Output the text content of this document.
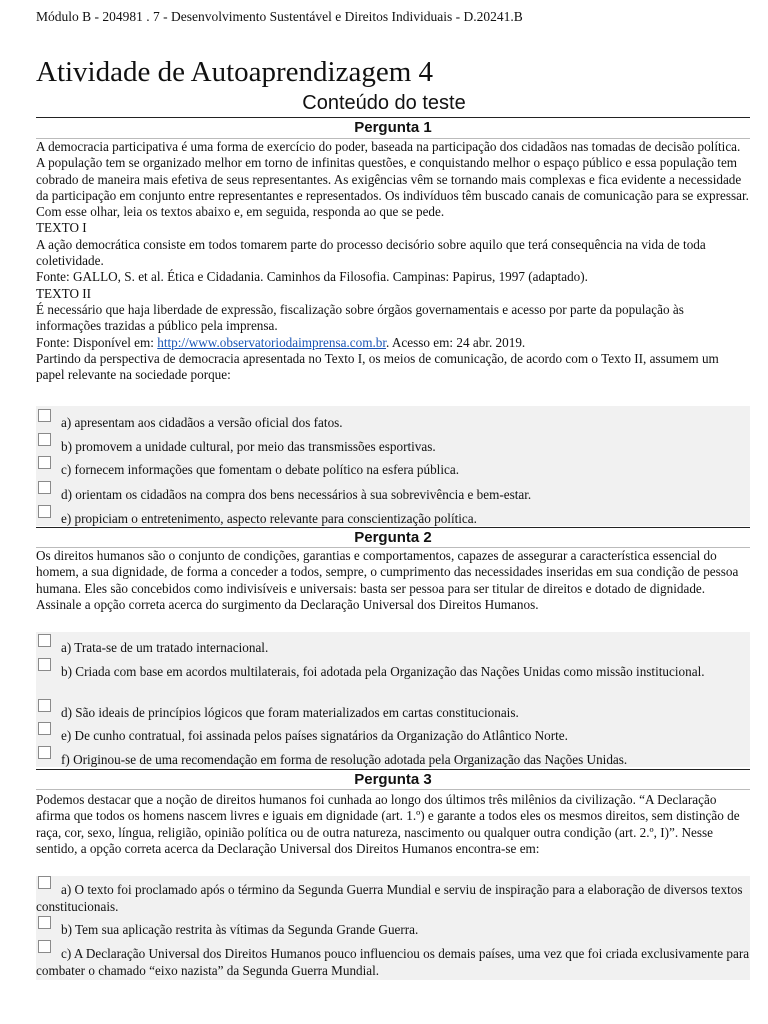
Módulo B - 204981 . 7 - Desenvolvimento Sustentável e Direitos Individuais - D.20241.B
Atividade de Autoaprendizagem 4
Conteúdo do teste
Pergunta 1

A democracia participativa é uma forma de exercício do poder, baseada na participação dos cidadãos nas tomadas de decisão política. A população tem se organizado melhor em torno de infinitas questões, e conquistando melhor o espaço público e essa população tem cobrado de maneira mais efetiva de seus representantes. As exigências vêm se tornando mais complexas e fica evidente a necessidade da participação em conjunto entre representantes e representados. Os indivíduos têm buscado canais de comunicação para se expressar. Com esse olhar, leia os textos abaixo e, em seguida, responda ao que se pede.

TEXTO I

A ação democrática consiste em todos tomarem parte do processo decisório sobre aquilo que terá consequência na vida de toda coletividade.

Fonte: GALLO, S. et al. Ética e Cidadania. Caminhos da Filosofia. Campinas: Papirus, 1997 (adaptado).
TEXTO II

É necessário que haja liberdade de expressão, fiscalização sobre órgãos governamentais e acesso por parte da população às informações trazidas a público pela imprensa.

Fonte: Disponível em: http://www.observatoriodaimprensa.com.br. Acesso em: 24 abr. 2019.

Partindo da perspectiva de democracia apresentada no Texto I, os meios de comunicação, de acordo com o Texto II, assumem um papel relevante na sociedade porque:

a) apresentam aos cidadãos a versão oficial dos fatos.
b) promovem a unidade cultural, por meio das transmissões esportivas.
c) fornecem informações que fomentam o debate político na esfera pública.
d) orientam os cidadãos na compra dos bens necessários à sua sobrevivência e bem-estar.
e) propiciam o entretenimento, aspecto relevante para conscientização política.
Pergunta 2

Os direitos humanos são o conjunto de condições, garantias e comportamentos, capazes de assegurar a característica essencial do homem, a sua dignidade, de forma a conceder a todos, sempre, o cumprimento das necessidades inseridas em sua condição de pessoa humana. Eles são concebidos como indivisíveis e universais: basta ser pessoa para ser titular de direitos e dotado de dignidade. Assinale a opção correta acerca do surgimento da Declaração Universal dos Direitos Humanos.

a) Trata-se de um tratado internacional.
b) Criada com base em acordos multilaterais, foi adotada pela Organização das Nações Unidas como missão institucional.
d) São ideais de princípios lógicos que foram materializados em cartas constitucionais.
e) De cunho contratual, foi assinada pelos países signatários da Organização do Atlântico Norte.
f) Originou-se de uma recomendação em forma de resolução adotada pela Organização das Nações Unidas.
Pergunta 3

Podemos destacar que a noção de direitos humanos foi cunhada ao longo dos últimos três milênios da civilização. “A Declaração afirma que todos os homens nascem livres e iguais em dignidade (art. 1.º) e garante a todos eles os mesmos direitos, sem distinção de raça, cor, sexo, língua, religião, opinião política ou de outra natureza, nascimento ou qualquer outra condição (art. 2.º, I)”. Nesse sentido, a opção correta acerca da Declaração Universal dos Direitos Humanos encontra-se em:

a) O texto foi proclamado após o término da Segunda Guerra Mundial e serviu de inspiração para a elaboração de diversos textos constitucionais.
b) Tem sua aplicação restrita às vítimas da Segunda Grande Guerra.
c) A Declaração Universal dos Direitos Humanos pouco influenciou os demais países, uma vez que foi criada exclusivamente para combater o chamado “eixo nazista” da Segunda Guerra Mundial.
